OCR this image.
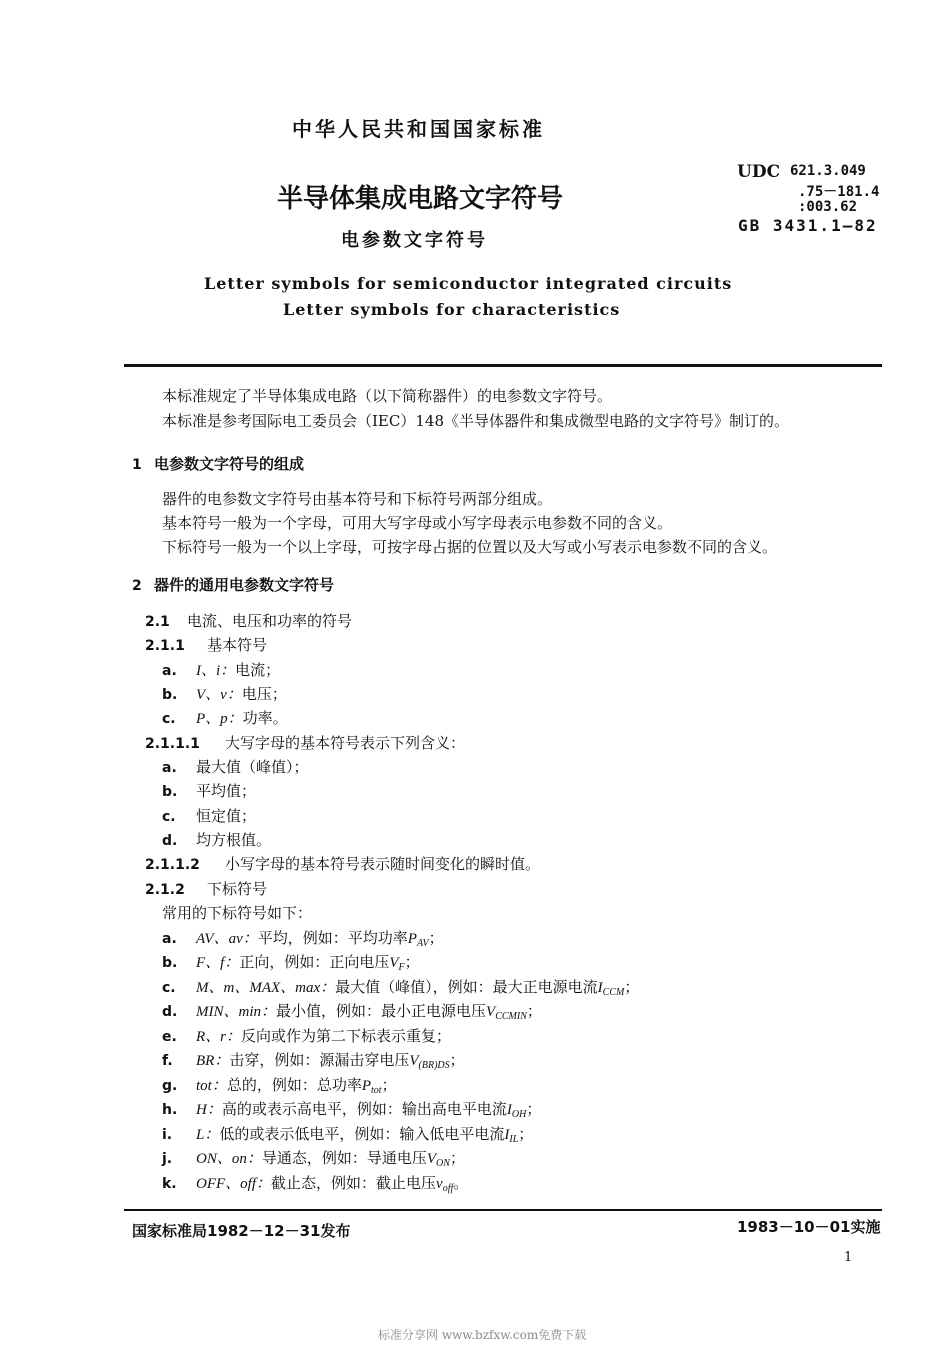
中华人民共和国国家标准
半导体集成电路文字符号
电参数文字符号
Letter symbols for semiconductor integrated circuits
Letter symbols for characteristics
UDC 621.3.049
.75－181.4
:003.62
GB 3431.1—82
本标准规定了半导体集成电路（以下简称器件）的电参数文字符号。
本标准是参考国际电工委员会（IEC）148《半导体器件和集成微型电路的文字符号》制订的。
1 电参数文字符号的组成
器件的电参数文字符号由基本符号和下标符号两部分组成。
基本符号一般为一个字母，可用大写字母或小写字母表示电参数不同的含义。
下标符号一般为一个以上字母，可按字母占据的位置以及大写或小写表示电参数不同的含义。
2 器件的通用电参数文字符号
2.1 电流、电压和功率的符号
2.1.1 基本符号
a. I、i：电流；
b. V、v：电压；
c. P、p：功率。
2.1.1.1 大写字母的基本符号表示下列含义：
a. 最大值（峰值）；
b. 平均值；
c. 恒定值；
d. 均方根值。
2.1.1.2 小写字母的基本符号表示随时间变化的瞬时值。
2.1.2 下标符号
常用的下标符号如下：
a. AV、av：平均，例如：平均功率$P_{AV}$；
b. F、f：正向，例如：正向电压$V_F$；
c. M、m、MAX、max：最大值（峰值），例如：最大正电源电流$I_{CCM}$；
d. MIN、min：最小值，例如：最小正电源电压$V_{CCMIN}$；
e. R、r：反向或作为第二下标表示重复；
f. BR：击穿，例如：源漏击穿电压$V_{(BR)DS}$；
g. tot：总的，例如：总功率$P_{tot}$；
h. H：高的或表示高电平，例如：输出高电平电流$I_{OH}$；
i. L：低的或表示低电平，例如：输入低电平电流$I_{IL}$；
j. ON、on：导通态，例如：导通电压$V_{ON}$；
k. OFF、off：截止态，例如：截止电压$v_{off}$。
国家标准局1982－12－31发布	1983－10－01实施
1
标准分享网 www.bzfxw.com免费下载
